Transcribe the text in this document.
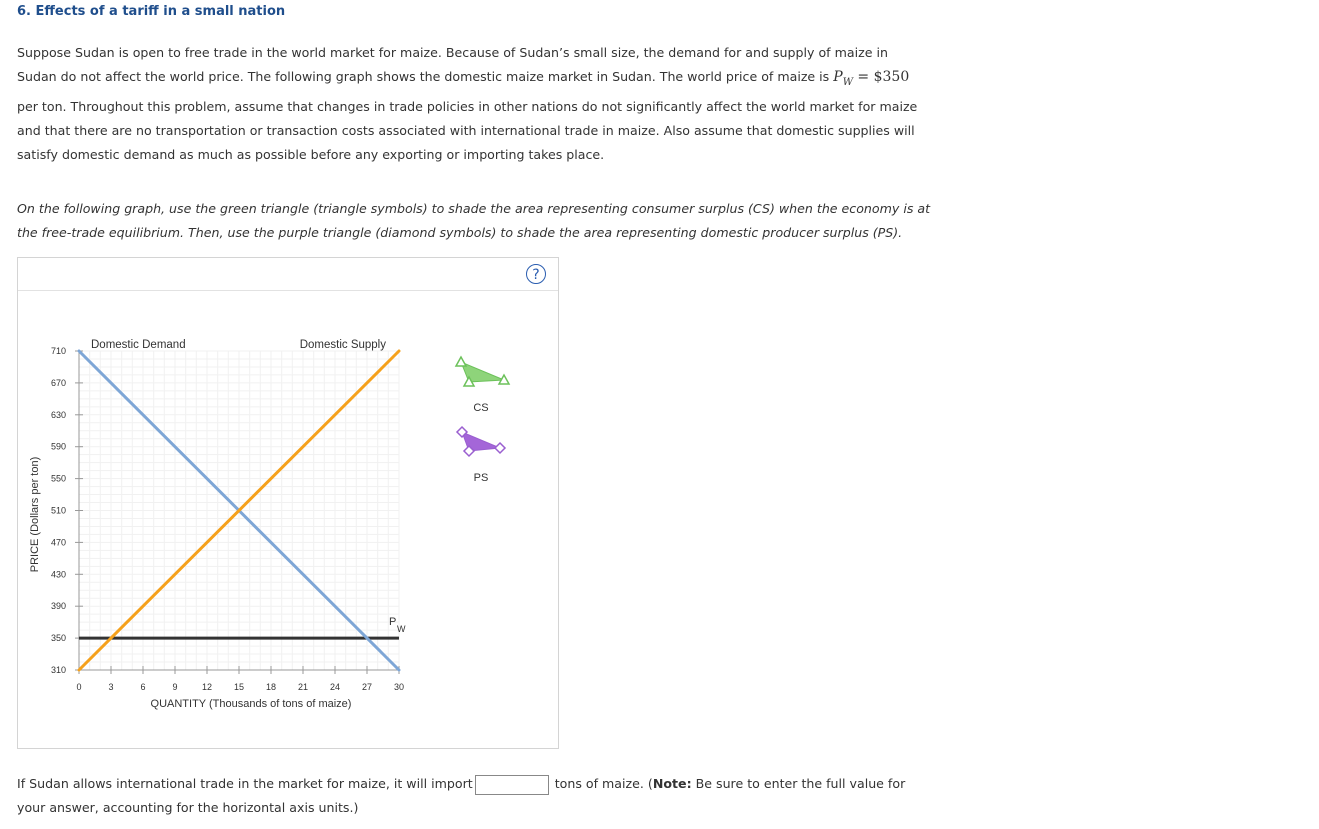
6. Effects of a tariff in a small nation
Suppose Sudan is open to free trade in the world market for maize. Because of Sudan’s small size, the demand for and supply of maize in Sudan do not affect the world price. The following graph shows the domestic maize market in Sudan. The world price of maize is $P_W$ = $350 per ton. Throughout this problem, assume that changes in trade policies in other nations do not significantly affect the world market for maize and that there are no transportation or transaction costs associated with international trade in maize. Also assume that domestic supplies will satisfy domestic demand as much as possible before any exporting or importing takes place.
On the following graph, use the green triangle (triangle symbols) to shade the area representing consumer surplus (CS) when the economy is at the free-trade equilibrium. Then, use the purple triangle (diamond symbols) to shade the area representing domestic producer surplus (PS).
?
710
670
630
590
550
510
470
430
390
350
310
0	3	6	9	12 15 18 21 24 27 30
P
W
Domestic Demand	Domestic Supply
QUANTITY (Thousands of tons of maize)
PRICE (Dollars per ton)
CS
PS
If Sudan allows international trade in the market for maize, it will import	tons of maize. (Note: Be sure to enter the full value for your answer, accounting for the horizontal axis units.)
